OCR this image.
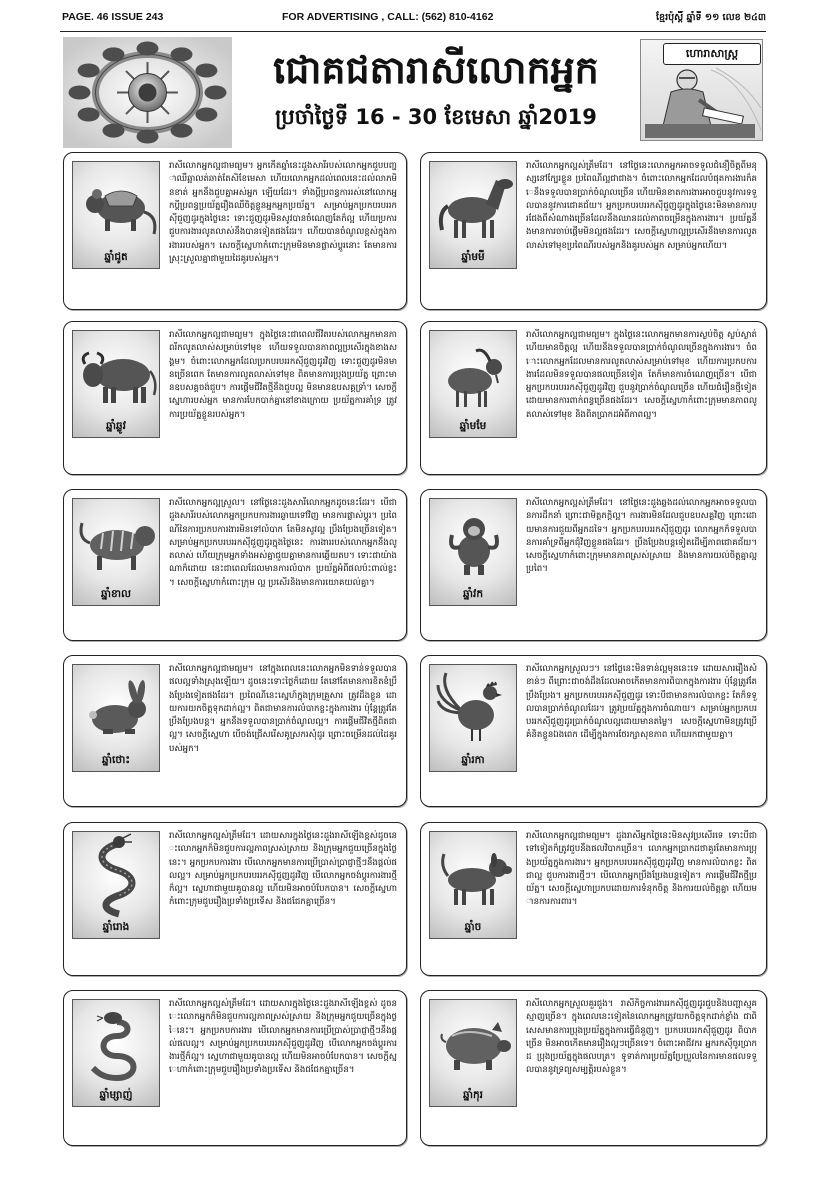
PAGE. 46 ISSUE 243	FOR ADVERTISING , CALL: (562) 810-4162	ខ្មែរប៉ុស្ដិ៍ ឆ្នាំទី ១១ លេខ ២៤៣
ជោគជតារាសីលោកអ្នក
ប្រចាំថ្ងៃទី 16 - 30 ខែមេសា ឆ្នាំ2019
ហោរាសាស្ត្រ
ឆ្នាំជូត

រាសីលោកអ្នកល្អជាមធ្យម។ អ្នកកើតឆ្នាំនេះដួងសារីរបស់លោកអ្នកជួបបញ្ហាឈឺឆ្អាលត់ឆាត់តែសិខែមេសា ហើយលោកអ្នកដល់ពេលនេះដល់លាភមិនខាត់ អ្នកនឹងជួបគ្នាអស់អ្នក ឡើយដែរ។ ទាំងប្ដីប្រពន្ធការរស់នៅលោកអ្នកប្ដីប្រពន្ធប្រយ័ត្នរឿងឈឺចិត្តខ្លួនអ្នកអ្នកប្រយ័ត្ន។ សម្រាប់អ្នកប្រកបរបររកស៊ីជួញដូរក្នុងថ្ងៃនេះ ទោះជួញដូរមិនសូវបានចំណេញតែក៏ល្អ ហើយប្រការជួបការងារលូតលាស់នឹងបានទៀតផងដែរ។ ហើយបានចំណូលខ្ពស់ក្នុងការងាររបស់អ្នក។ សេចក្ដីស្នេហាកំពោះក្រុមមិនមានផ្លាស់ប្ដូរនោះ តែមានការស្រុះស្រួលគ្នាជាមួយដៃគូរបស់អ្នក។

ឆ្នាំឆ្លូវ

រាសីលោកអ្នកល្អជាមធ្យម។ ក្នុងថ្ងៃនេះជាពេលជីវិតរបស់លោកអ្នកមានភាពរីកលូតលាស់សម្រាប់ទៅមុខ ហើយទទួលបានភាពល្អប្រសើរក្នុងខាងសង្គម។ ចំពោះលោកអ្នកដែលប្រកបរបររកស៊ីជួញដូរវិញ ទោះជួញដូរមិនមានច្រើនពេក តែមានការលូតលាស់ទៅមុខ ពិតមានការប្រុងប្រយ័ត្ន ព្រោះមានឧបសគ្គចង់ជួប។ ការផ្ដើមជីវិតថ្មីនឹងជួបល្អ មិនមានឧបសគ្គទ្រាំ។ សេចក្ដីស្នេហារបស់អ្នក មានការបែកបាក់គ្នានៅខាងក្រោយ ប្រយ័ត្នការគាំទ្រ ត្រូវការប្រយ័ត្នខ្លួនរបស់អ្នក។

ឆ្នាំខាល

រាសីលោកអ្នកល្អស្រួល។ នៅថ្ងៃនេះដួងសារីលោកអ្នកដូចនេះដែរ។ បើជាដួងសារីរបស់លោកអ្នកប្រកបការងារឆ្ងាយទៅវិញ មានការផ្លាស់ប្ដូរ។ ប្រពៃណីនៃការប្រកបការងារមិនទៅលំបាក តែមិនសូវល្អ ប្រឹងប្រែងច្រើនទៀត។ សម្រាប់អ្នកប្រកបរបររកស៊ីជួញដូរក្នុងថ្ងៃនេះ ការងាររបស់លោកអ្នកនឹងលូតលាស់ ហើយក្រុមអ្នកទាំងអស់គ្នាជួយគ្នាមានការឆ្លើយតប។ ទោះជាយ៉ាងណាក៏ដោយ នេះជាពេលដែលមានការលំបាក ប្រយ័ត្នអំពីផលប៉ះពាល់ខ្លះ។ សេចក្ដីស្នេហាកំពោះក្រុម ល្អ ប្រសើរនិងមានការយោគយល់គ្នា។

ឆ្នាំថោះ

រាសីលោកអ្នកល្អជាមធ្យម។ នៅក្នុងពេលនេះលោកអ្នកមិនទាន់ទទួលបានផលល្អទាំងស្រុងឡើយ។ ដូចនេះទោះថ្ងៃក៏ដោយ តែនៅតែមានការខិតខំប្រឹងប្រែងទៀតផងដែរ។ ប្រពៃណីនេះស្នេហ៍ក្នុងក្រុមគ្រួសារ ត្រូវដឹងខ្លួន ដោយការយកចិត្តទុកដាក់ល្អ។ ពិតជាមានការលំបាកខ្លះក្នុងការងារ ប៉ុន្តែត្រូវតែប្រឹងប្រែងបន្ត។ អ្នកនឹងទទួលបានប្រាក់ចំណូលល្អ។ ការផ្ដើមជីវិតថ្មីពិតជាល្អ។ សេចក្ដីស្នេហា បើចង់ជ្រើសរើសគូស្រករសុំដូរ ព្រោះចម្រើនដល់ដៃគូរបស់អ្នក។

ឆ្នាំរោង

រាសីលោកអ្នកល្អស់ត្រឹមដែ។ ដោយសារក្នុងថ្ងៃនេះដួងរាសីឡើងខ្ពស់ដូចនេះលោកអ្នកក៏មិនជួបការល្អភាពស្រស់ស្រាយ និងក្រុមអ្នកជួយច្រើនក្នុងថ្ងៃនេះ។ អ្នកប្រកបការងារ បើលោកអ្នកមានការប្រើប្រាស់ប្រាជ្ញាថ្មីៗនឹងផ្ដល់ផលល្អ។ សម្រាប់អ្នកប្រកបរបររកស៊ីជួញដូរវិញ បើលោកអ្នកចង់ប្ដូរការងារថ្មីក៏ល្អ។ ស្នេហាជាមួយគូបានល្អ ហើយមិនអាចបំបែកបាន។ សេចក្ដីស្នេហាកំពោះក្រុមជួបរឿងប្រទាំងប្រទើស និងជជែកគ្នាច្រើន។

ឆ្នាំម្សាញ់

រាសីលោកអ្នកល្អស់ត្រឹមដែ។ ដោយសារក្នុងថ្ងៃនេះដួងរាសីឡើងខ្ពស់ ដូចនេះលោកអ្នកក៏មិនជួបការល្អភាពស្រស់ស្រាយ និងក្រុមអ្នកជួយច្រើនក្នុងថ្ងៃនេះ។ អ្នកប្រកបការងារ បើលោកអ្នកមានការប្រើប្រាស់ប្រាជ្ញាថ្មីៗនឹងផ្ដល់ផលល្អ។ សម្រាប់អ្នកប្រកបរបររកស៊ីជួញដូរវិញ បើលោកអ្នកចង់ប្ដូរការងារថ្មីក៏ល្អ។ ស្នេហាជាមួយគូបានល្អ ហើយមិនអាចបំបែកបាន។ សេចក្ដីស្នេហាកំពោះក្រុមជួបរឿងប្រទាំងប្រទើស និងជជែកគ្នាច្រើន។

ឆ្នាំមមី

រាសីលោកអ្នកល្អស់ត្រឹមដែ។ នៅថ្ងៃនេះលោកអ្នកអាចទទួលជំនឿចិត្តពីមនុស្សនៅក្បែរខ្លួន ប្រពៃណីល្អជាជាង។ ចំពោះលោកអ្នកដែលបំផុតការងារក៏គេនឹងទទួលបានប្រាក់ចំណូលច្រើន ហើយមិនខាតការងារអាចជួបនូវការទទួលបាននូវការជោគជ័យ។ អ្នកប្រកបរបររកស៊ីជួញដូរក្នុងថ្ងៃនេះមិនមានការប្រជែងពីសំណាងច្រើនដែលនឹងឈានដល់ភាពចម្រើនក្នុងការងារ។ ប្រយ័ត្ននឹងមានការចាប់ផ្ដើមមិនល្អផងដែរ។ សេចក្ដីស្នេហាល្អប្រសើរនឹងមានការលូតលាស់ទៅមុខប្រពៃណីរបស់អ្នកនិងគូរបស់អ្នក សម្រាប់អ្នកហើយ។

ឆ្នាំមមែ

រាសីលោកអ្នកល្អជាមធ្យម។ ក្នុងថ្ងៃនេះលោកអ្នកមានការស្ងប់ចិត្ត ស្ងប់ស្ងាត់ ហើយមានចិត្តល្អ ហើយនឹងទទួលបានប្រាក់ចំណូលច្រើនក្នុងការងារ។ ចំពោះលោកអ្នកដែលមានការលូតលាស់សម្រាប់ទៅមុខ ហើយការប្រកបការងារដែលមិនទទួលបានផលច្រើនទៀត តែក៏មានការចំណេញច្រើន។ បើជាអ្នកប្រកបរបររកស៊ីជួញដូរវិញ ជួបនូវប្រាក់ចំណូលច្រើន ហើយជំរឿនថ្មីទៀត ដោយមានការពាក់ពន្ធច្រើនផងដែរ។ សេចក្ដីស្នេហាកំពោះក្រុមមានភាពលូតលាស់ទៅមុខ និងពិតប្រាកដអំពីភាពល្អ។

ឆ្នាំវក

រាសីលោកអ្នកល្អស់ត្រឹមដែ។ នៅថ្ងៃនេះដួងឆ្លងដល់លោកអ្នកអាចទទួលបានការដឹកនាំ ព្រោះជាមិត្តភក្តិល្អ។ ការងារមិនដែលជួបឧបសគ្គវិញ ព្រោះដោយមានការជួយពីអ្នកដទៃ។ អ្នកប្រកបរបររកស៊ីជួញដូរ លោកអ្នកក៏ទទួលបានការគាំទ្រពីអ្នកជុំវិញខ្លួនផងដែរ។ ប្រឹងប្រែងបន្តទៀតដើម្បីភាពជោគជ័យ។ សេចក្ដីស្នេហាកំពោះក្រុមមានភាពស្រស់ស្រាយ និងមានការយល់ចិត្តគ្នាល្អប្រពៃ។

ឆ្នាំរកា

រាសីលោកអ្នកស្រួលៗ។ នៅថ្ងៃនេះមិនទាន់ល្អមុននេះទេ ដោយសាររឿងសំខាន់ៗ ពីព្រោះជាចង់ដឹងដែលអាចកើតមានការពិបាកក្នុងការងារ ប៉ុន្តែត្រូវតែប្រឹងប្រែង។ អ្នកប្រកបរបររកស៊ីជួញដូរ ទោះបីជាមានការលំបាកខ្លះ តែក៏ទទួលបានប្រាក់ចំណូលដែរ។ ត្រូវប្រយ័ត្នក្នុងការចំណាយ។ សម្រាប់អ្នកប្រកបរបររកស៊ីជួញដូរប្រាក់ចំណូលល្អដោយមានតម្លៃ។ សេចក្ដីស្នេហាមិនត្រូវប្រើគំនិតខ្លួនឯងពេក ដើម្បីក្នុងការថែរក្សាសុខភាព ហើយរកជាមួយគ្នា។

ឆ្នាំច

រាសីលោកអ្នកល្អជាមធ្យម។ ដួងរាសីអ្នកថ្ងៃនេះមិនសូវប្រសើរទេ ទោះបីជាទៅទៀតក៏ត្រូវជួបនឹងផលវិបាកច្រើន។ លោកអ្នកប្រាកដថាគួរតែមានការប្រុងប្រយ័ត្នក្នុងការងារ។ អ្នកប្រកបរបររកស៊ីជួញដូរវិញ មានការលំបាកខ្លះ ពិតជាល្អ ជួបការងារថ្មីៗ។ បើលោកអ្នកប្រឹងប្រែងបន្តទៀត។ ការផ្ដើមជីវិតថ្មីប្រយ័ត្ន។ សេចក្ដីស្នេហាប្រកបដោយការទំនុកចិត្ត និងការយល់ចិត្តគ្នា ហើយមានការការពារ។

ឆ្នាំកុរ

រាសីលោកអ្នកស្រួលគួរជួង។ រាសីកិច្ចការងាររកស៊ីជួញដូរជួបនិងបញ្ហាស្មុគស្មាញច្រើន។ ក្នុងពេលនេះទៀតនៃលោកអ្នកត្រូវយកចិត្តទុកដាក់ខ្លាំង ជាពិសេសមានការប្រុងប្រយ័ត្នក្នុងការធ្វើជំនួញ។ ប្រកបរបររកស៊ីជួញដូរ ពិបាកច្រើន មិនអាចកើតមានរឿងល្អៗច្រើនទេ។ ចំពោះអាជីវករ អ្នករកស៊ីចូរប្រាកដ ប្រុងប្រយ័ត្នក្នុងផលបត្រ។ ទូទាត់ការប្រយ័ត្នប្រែប្រួលនៃការមានផលទទួលបាននូវទ្រព្យសម្បត្តិរបស់ខ្លួន។
